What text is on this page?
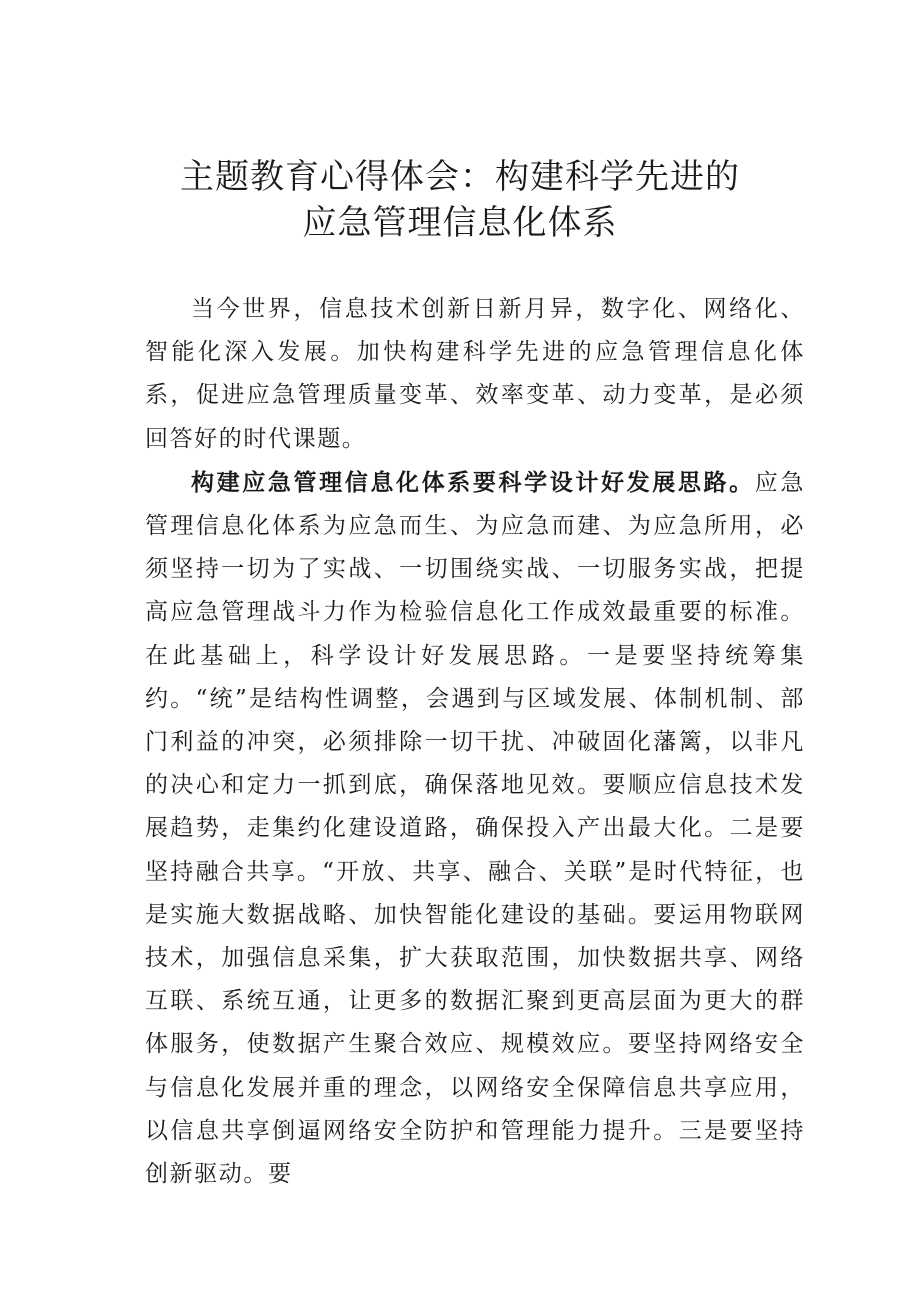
主题教育心得体会：构建科学先进的
应急管理信息化体系

当今世界，信息技术创新日新月异，数字化、网络化、智能化深入发展。加快构建科学先进的应急管理信息化体系，促进应急管理质量变革、效率变革、动力变革，是必须回答好的时代课题。

构建应急管理信息化体系要科学设计好发展思路。应急管理信息化体系为应急而生、为应急而建、为应急所用，必须坚持一切为了实战、一切围绕实战、一切服务实战，把提高应急管理战斗力作为检验信息化工作成效最重要的标准。在此基础上，科学设计好发展思路。一是要坚持统筹集约。“统”是结构性调整，会遇到与区域发展、体制机制、部门利益的冲突，必须排除一切干扰、冲破固化藩篱，以非凡的决心和定力一抓到底，确保落地见效。要顺应信息技术发展趋势，走集约化建设道路，确保投入产出最大化。二是要坚持融合共享。“开放、共享、融合、关联”是时代特征，也是实施大数据战略、加快智能化建设的基础。要运用物联网技术，加强信息采集，扩大获取范围，加快数据共享、网络互联、系统互通，让更多的数据汇聚到更高层面为更大的群体服务，使数据产生聚合效应、规模效应。要坚持网络安全与信息化发展并重的理念，以网络安全保障信息共享应用，以信息共享倒逼网络安全防护和管理能力提升。三是要坚持创新驱动。要
